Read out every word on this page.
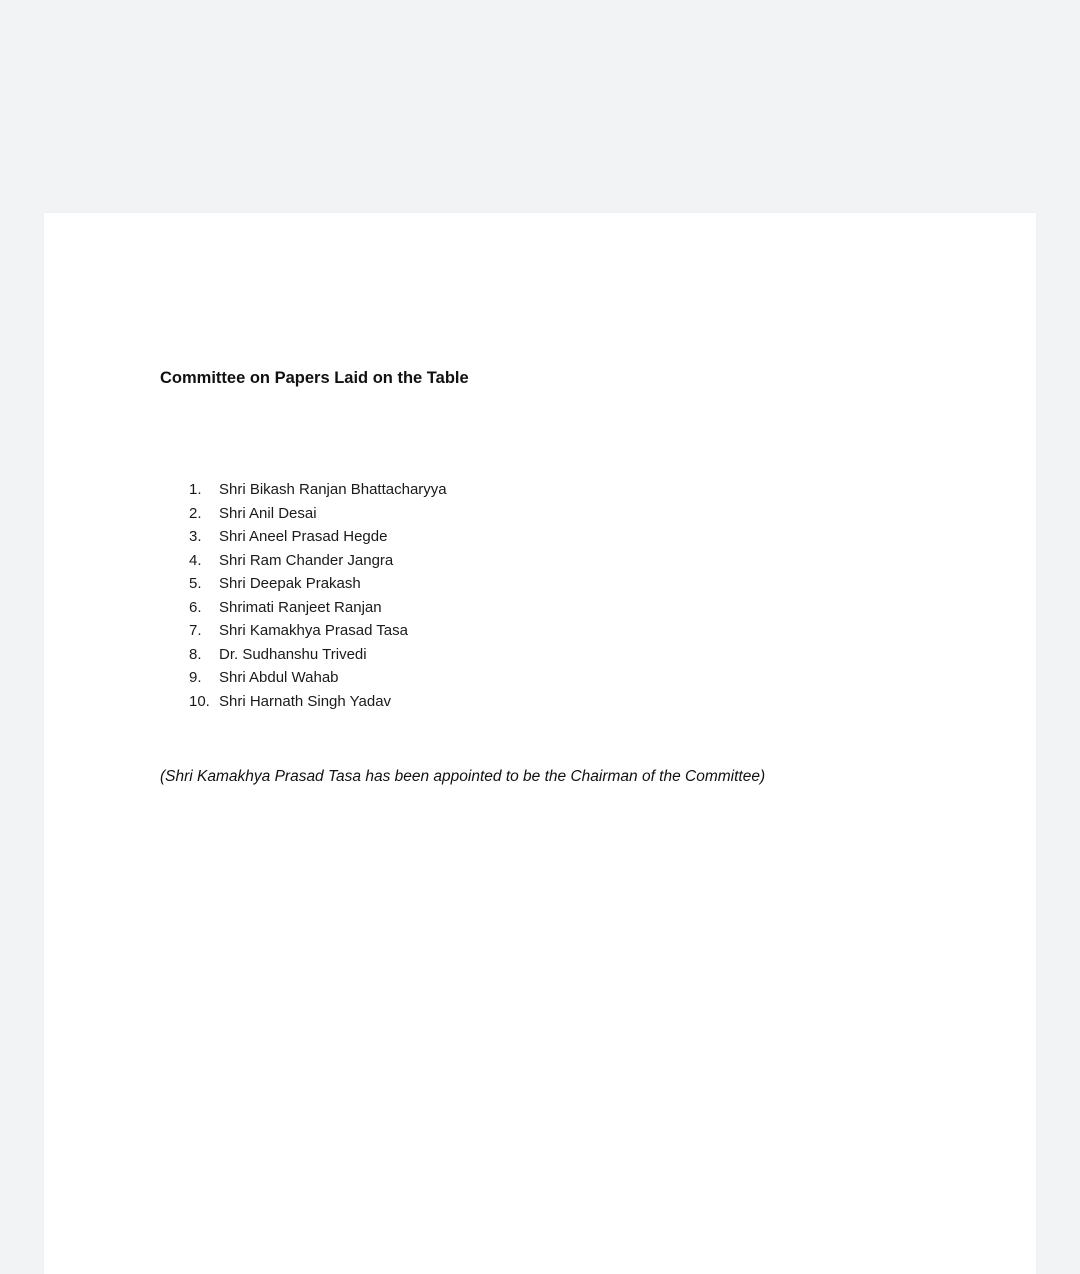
Committee on Papers Laid on the Table
1.	Shri Bikash Ranjan Bhattacharyya
2.	Shri Anil Desai
3.	Shri Aneel Prasad Hegde
4.	Shri Ram Chander Jangra
5.	Shri Deepak Prakash
6.	Shrimati Ranjeet Ranjan
7.	Shri Kamakhya Prasad Tasa
8.	Dr. Sudhanshu Trivedi
9.	Shri Abdul Wahab
10. Shri Harnath Singh Yadav
(Shri Kamakhya Prasad Tasa has been appointed to be the Chairman of the Committee)
